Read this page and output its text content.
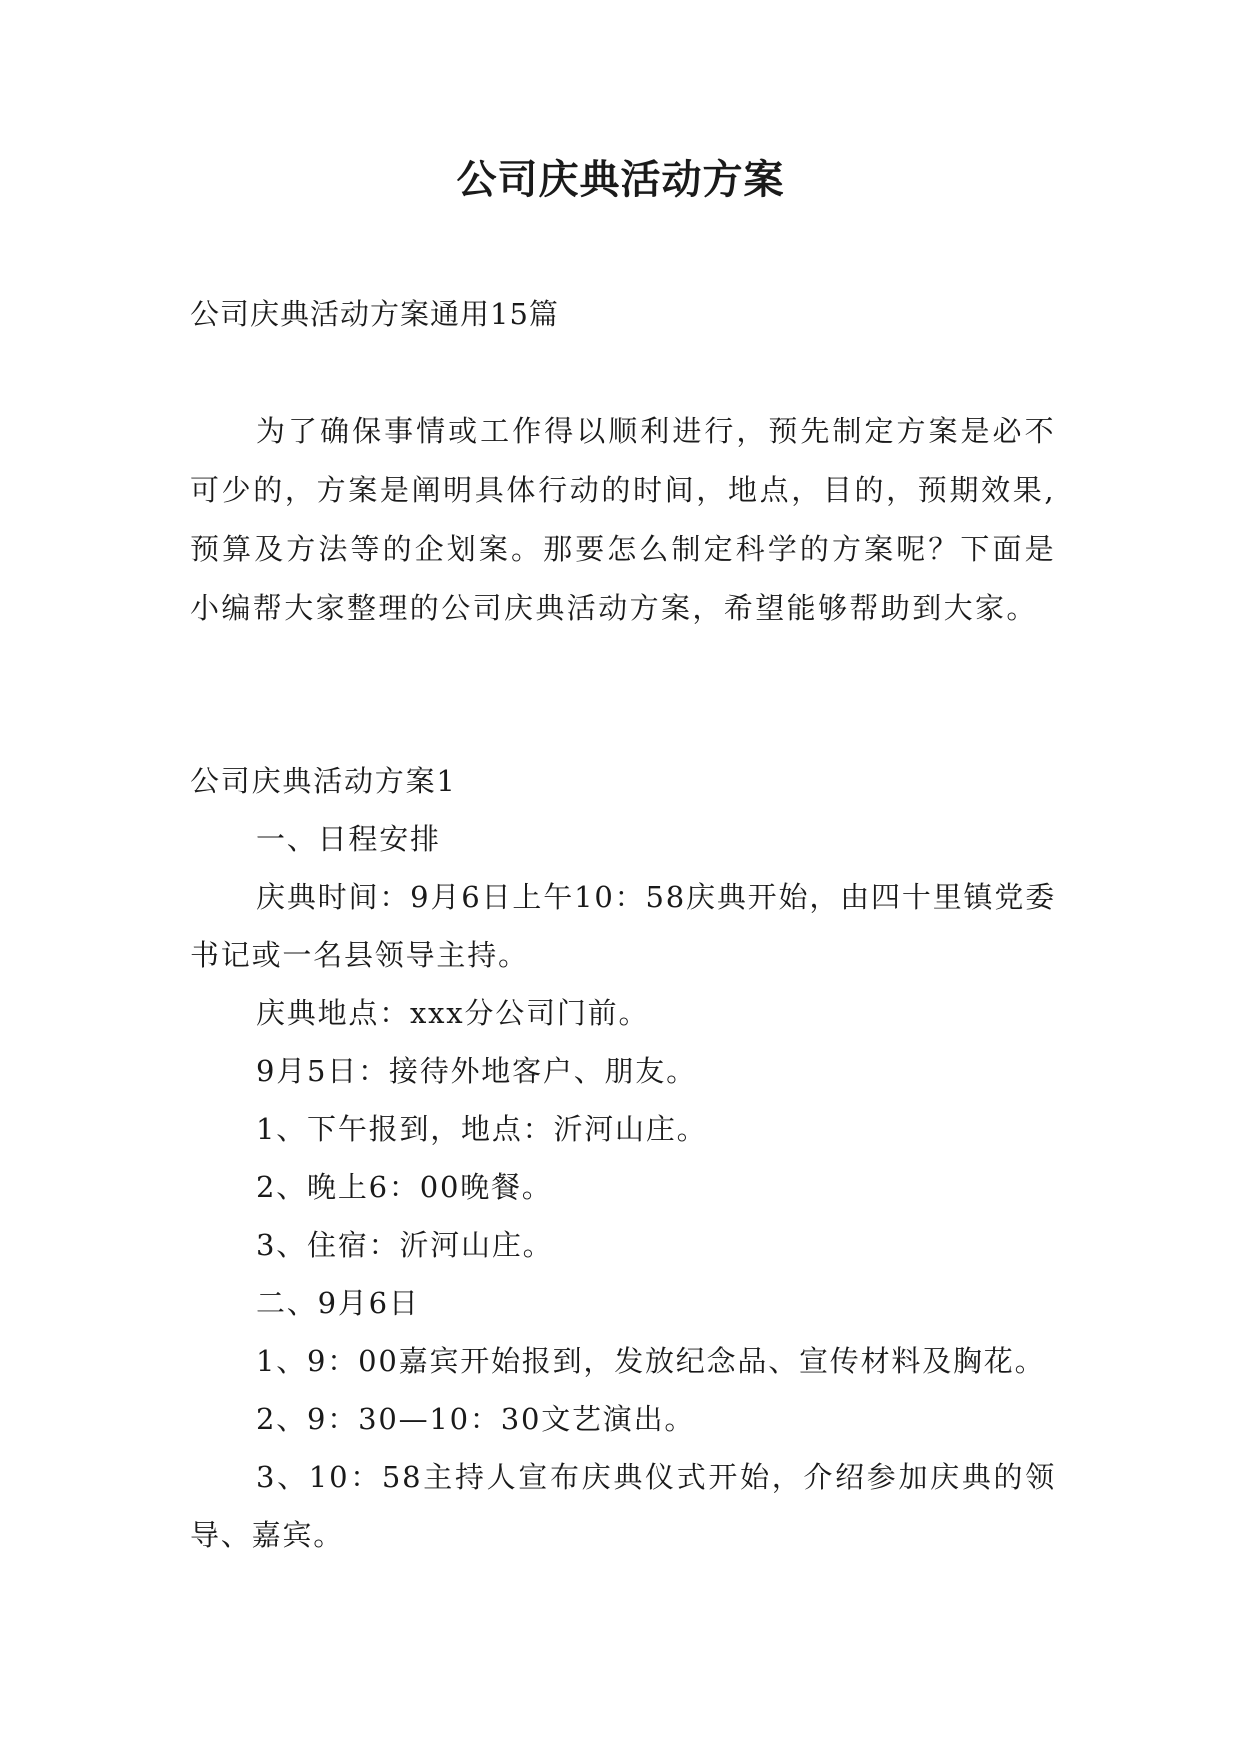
公司庆典活动方案
公司庆典活动方案通用15篇

为了确保事情或工作得以顺利进行，预先制定方案是必不可少的，方案是阐明具体行动的时间，地点，目的，预期效果,预算及方法等的企划案。那要怎么制定科学的方案呢？下面是小编帮大家整理的公司庆典活动方案，希望能够帮助到大家。

公司庆典活动方案1

一、日程安排

庆典时间：9月6日上午10：58庆典开始，由四十里镇党委书记或一名县领导主持。

庆典地点：xxx分公司门前。

9月5日：接待外地客户、朋友。

1、下午报到，地点：沂河山庄。

2、晚上6：00晚餐。

3、住宿：沂河山庄。

二、9月6日

1、9：00嘉宾开始报到，发放纪念品、宣传材料及胸花。

2、9：30—10：30文艺演出。

3、10：58主持人宣布庆典仪式开始，介绍参加庆典的领导、嘉宾。
